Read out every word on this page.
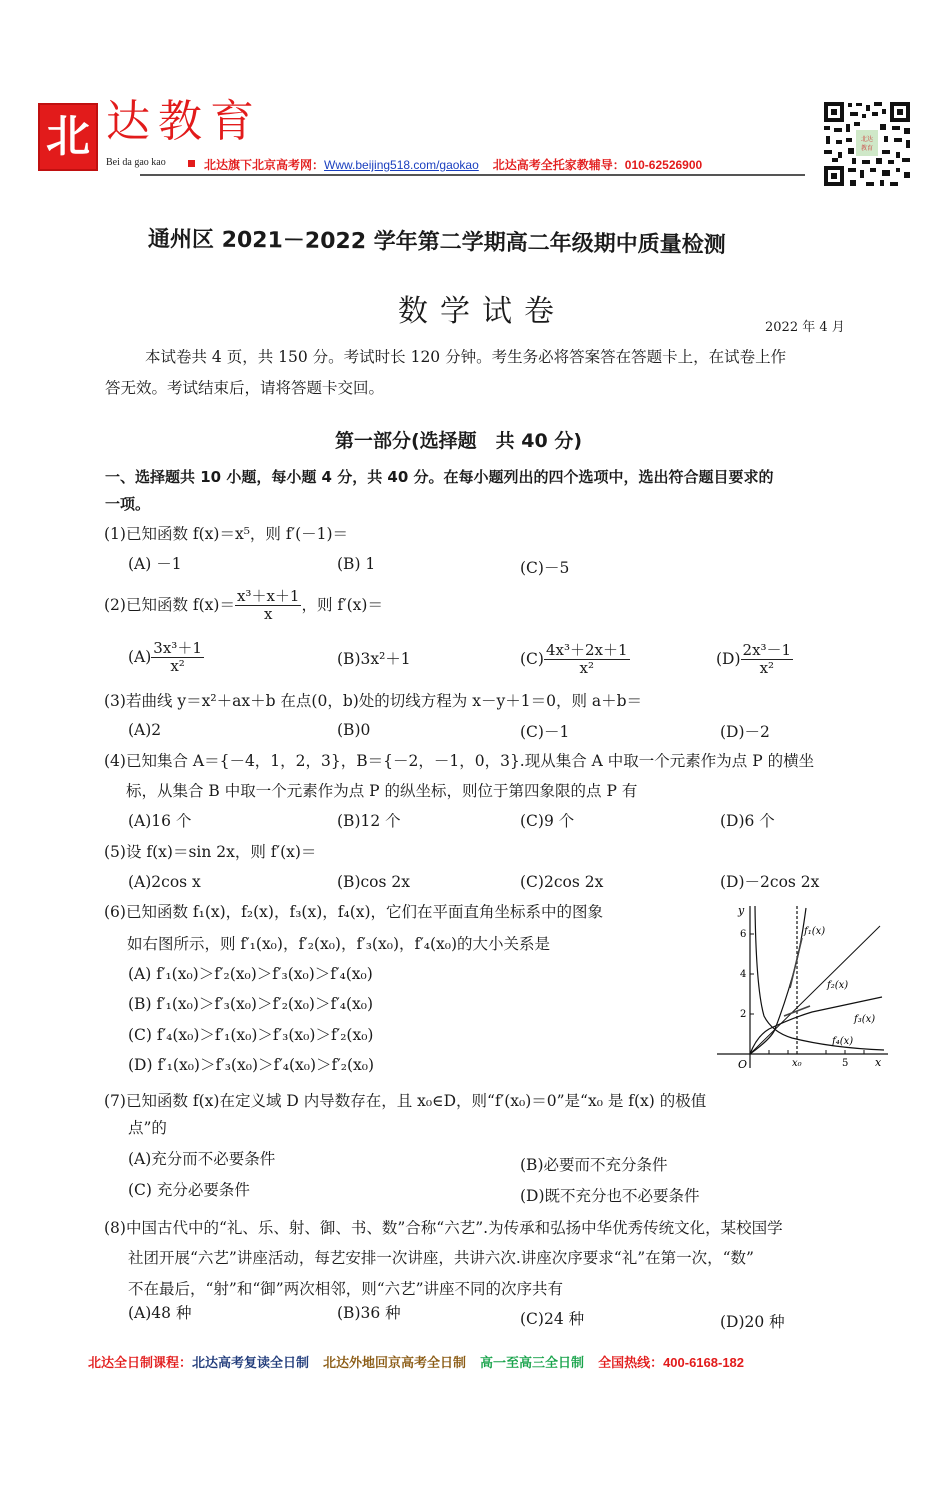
北 达教育
Bei da gao kao	北达旗下北京高考网：Www.beijing518.com/gaokao 北达高考全托家教辅导：010-62526900
北达
教育
通州区 2021－2022 学年第二学期高二年级期中质量检测
数学试卷	2022 年 4 月
本试卷共 4 页，共 150 分。考试时长 120 分钟。考生务必将答案答在答题卡上，在试卷上作
答无效。考试结束后，请将答题卡交回。
第一部分(选择题　共 40 分)
一、选择题共 10 小题，每小题 4 分，共 40 分。在每小题列出的四个选项中，选出符合题目要求的
一项。
(1)已知函数 f(x)＝x⁵，则 f′(－1)＝
(A) －1	(B) 1	(C)－5
(2)已知函数 $f(x)= \frac{\text{x³＋x＋1}}{x}$ ，则 f′(x)＝
$(A) \frac{\text{3x³＋1}}{\text{x²}}$	(B)3x²＋1	$(C) \frac{\text{4x³＋2x＋1}}{\text{x²}}$	$(D) \frac{\text{2x³－1}}{\text{x²}}$
(3)若曲线 y＝x²＋ax＋b 在点(0，b)处的切线方程为 x－y＋1＝0，则 a＋b＝
(A)2	(B)0	(C)－1	(D)－2
(4)已知集合 A＝{－4，1，2，3}，B＝{－2，－1，0，3}.现从集合 A 中取一个元素作为点 P 的横坐
标，从集合 B 中取一个元素作为点 P 的纵坐标，则位于第四象限的点 P 有
(A)16 个	(B)12 个	(C)9 个	(D)6 个
(5)设 f(x)＝sin 2x，则 f′(x)＝
(A)2cos x	(B)cos 2x	(C)2cos 2x	(D)－2cos 2x
(6)已知函数 f₁(x)，f₂(x)，f₃(x)，f₄(x)，它们在平面直角坐标系中的图象
如右图所示，则 f′₁(x₀)，f′₂(x₀)，f′₃(x₀)，f′₄(x₀)的大小关系是
(A) f′₁(x₀)＞f′₂(x₀)＞f′₃(x₀)＞f′₄(x₀)
(B) f′₁(x₀)＞f′₃(x₀)＞f′₂(x₀)＞f′₄(x₀)
(C) f′₄(x₀)＞f′₁(x₀)＞f′₃(x₀)＞f′₂(x₀)
(D) f′₁(x₀)＞f′₃(x₀)＞f′₄(x₀)＞f′₂(x₀)	x
y
O	x₀	5
2
4
6	f₁(x)
f₂(x)
f₃(x)
f₄(x)
(7)已知函数 f(x)在定义域 D 内导数存在，且 x₀∈D，则“f′(x₀)＝0”是“x₀ 是 f(x) 的极值
点”的
(A)充分而不必要条件	(B)必要而不充分条件
(C) 充分必要条件	(D)既不充分也不必要条件
(8)中国古代中的“礼、乐、射、御、书、数”合称“六艺”.为传承和弘扬中华优秀传统文化，某校国学
社团开展“六艺”讲座活动，每艺安排一次讲座，共讲六次.讲座次序要求“礼”在第一次，“数”
不在最后，“射”和“御”两次相邻，则“六艺”讲座不同的次序共有
(A)48 种	(B)36 种	(C)24 种	(D)20 种
北达全日制课程：北达高考复读全日制 北达外地回京高考全日制 高一至高三全日制 全国热线：400-6168-182
